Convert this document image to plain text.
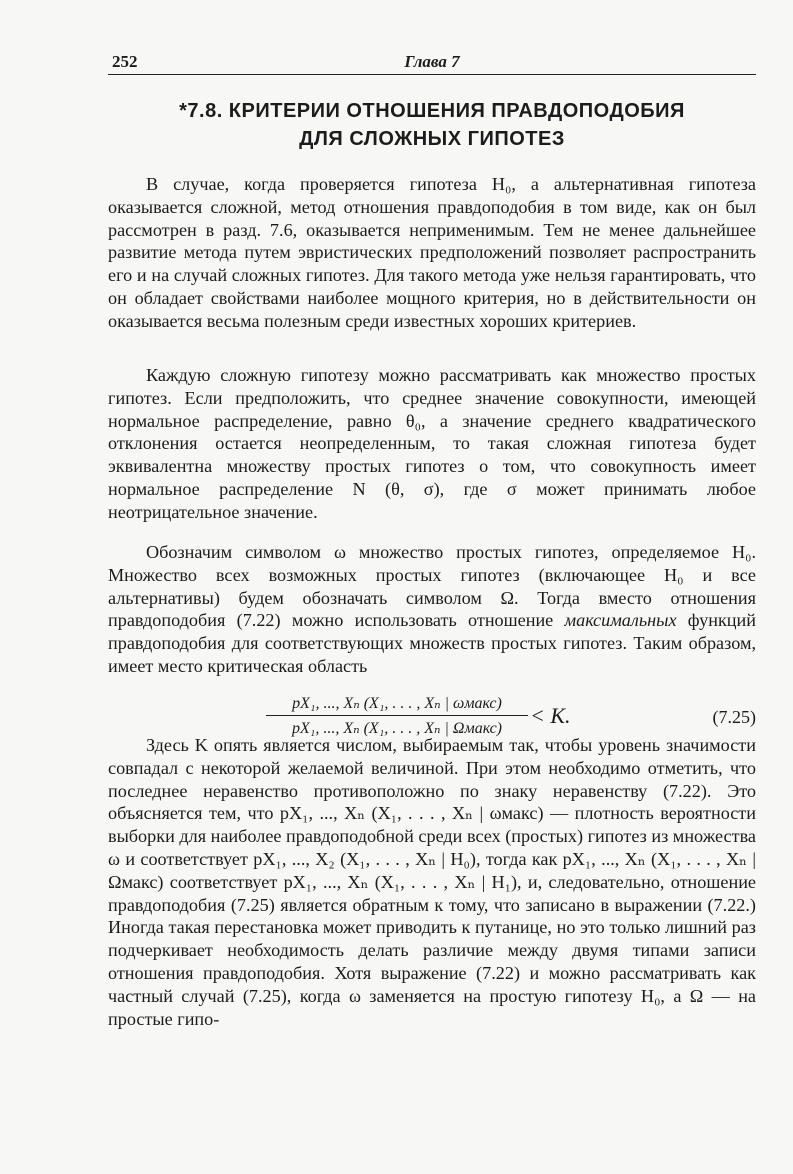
252	Глава 7
*7.8. КРИТЕРИИ ОТНОШЕНИЯ ПРАВДОПОДОБИЯ
ДЛЯ СЛОЖНЫХ ГИПОТЕЗ

В случае, когда проверяется гипотеза H₀, а альтернативная гипотеза оказывается сложной, метод отношения правдоподобия в том виде, как он был рассмотрен в разд. 7.6, оказывается неприменимым. Тем не менее дальнейшее развитие метода путем эвристических предположений позволяет распространить его и на случай сложных гипотез. Для такого метода уже нельзя гарантировать, что он обладает свойствами наиболее мощного критерия, но в действительности он оказывается весьма полезным среди известных хороших критериев.

Каждую сложную гипотезу можно рассматривать как множество простых гипотез. Если предположить, что среднее значение совокупности, имеющей нормальное распределение, равно θ₀, а значение среднего квадратического отклонения остается неопределенным, то такая сложная гипотеза будет эквивалентна множеству простых гипотез о том, что совокупность имеет нормальное распределение N (θ, σ), где σ может принимать любое неотрицательное значение.

Обозначим символом ω множество простых гипотез, определяемое H₀. Множество всех возможных простых гипотез (включающее H₀ и все альтернативы) будем обозначать символом Ω. Тогда вместо отношения правдоподобия (7.22) можно использовать отношение максимальных функций правдоподобия для соответствующих множеств простых гипотез. Таким образом, имеет место критическая область

pX₁, ..., Xₙ (X₁, . . . , Xₙ | ωмакс)
pX₁, ..., Xₙ (X₁, . . . , Xₙ | Ωмакс)
< K.	(7.25)

Здесь K опять является числом, выбираемым так, чтобы уровень значимости совпадал с некоторой желаемой величиной. При этом необходимо отметить, что последнее неравенство противоположно по знаку неравенству (7.22). Это объясняется тем, что pX₁, ..., Xₙ (X₁, . . . , Xₙ | ωмакс) — плотность вероятности выборки для наиболее правдоподобной среди всех (простых) гипотез из множества ω и соответствует pX₁, ..., X₂ (X₁, . . . , Xₙ | H₀), тогда как pX₁, ..., Xₙ (X₁, . . . , Xₙ | Ωмакс) соответствует pX₁, ..., Xₙ (X₁, . . . , Xₙ | H₁), и, следовательно, отношение правдоподобия (7.25) является обратным к тому, что записано в выражении (7.22.) Иногда такая перестановка может приводить к путанице, но это только лишний раз подчеркивает необходимость делать различие между двумя типами записи отношения правдоподобия. Хотя выражение (7.22) и можно рассматривать как частный случай (7.25), когда ω заменяется на простую гипотезу H₀, а Ω — на простые гипо-
